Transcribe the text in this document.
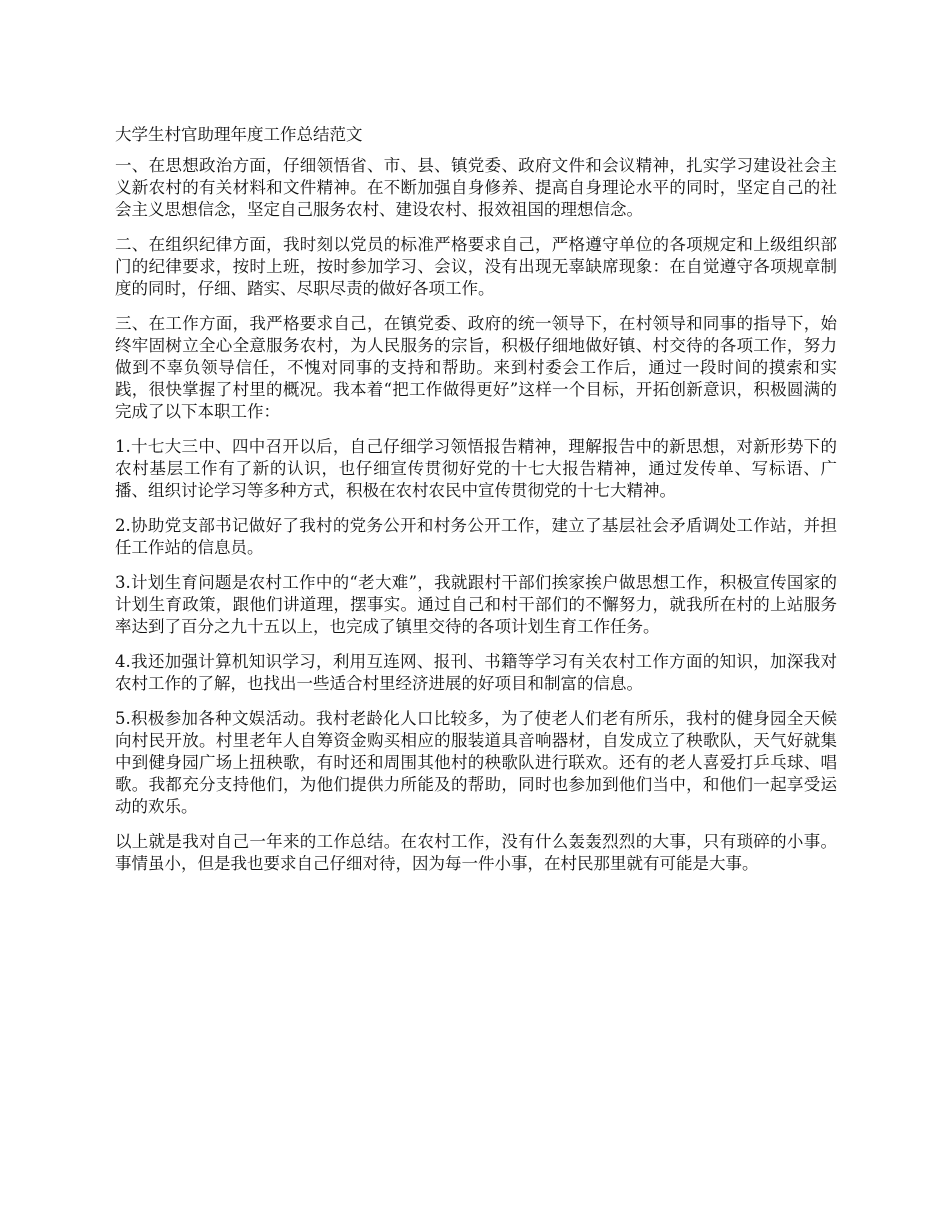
大学生村官助理年度工作总结范文

一、在思想政治方面，仔细领悟省、市、县、镇党委、政府文件和会议精神，扎实学习建设社会主义新农村的有关材料和文件精神。在不断加强自身修养、提高自身理论水平的同时，坚定自己的社会主义思想信念，坚定自己服务农村、建设农村、报效祖国的理想信念。

二、在组织纪律方面，我时刻以党员的标准严格要求自己，严格遵守单位的各项规定和上级组织部门的纪律要求，按时上班，按时参加学习、会议，没有出现无辜缺席现象：在自觉遵守各项规章制度的同时，仔细、踏实、尽职尽责的做好各项工作。

三、在工作方面，我严格要求自己，在镇党委、政府的统一领导下，在村领导和同事的指导下，始终牢固树立全心全意服务农村，为人民服务的宗旨，积极仔细地做好镇、村交待的各项工作，努力做到不辜负领导信任，不愧对同事的支持和帮助。来到村委会工作后，通过一段时间的摸索和实践，很快掌握了村里的概况。我本着“把工作做得更好”这样一个目标，开拓创新意识，积极圆满的完成了以下本职工作：

1.十七大三中、四中召开以后，自己仔细学习领悟报告精神，理解报告中的新思想，对新形势下的农村基层工作有了新的认识，也仔细宣传贯彻好党的十七大报告精神，通过发传单、写标语、广播、组织讨论学习等多种方式，积极在农村农民中宣传贯彻党的十七大精神。

2.协助党支部书记做好了我村的党务公开和村务公开工作，建立了基层社会矛盾调处工作站，并担任工作站的信息员。

3.计划生育问题是农村工作中的“老大难”，我就跟村干部们挨家挨户做思想工作，积极宣传国家的计划生育政策，跟他们讲道理，摆事实。通过自己和村干部们的不懈努力，就我所在村的上站服务率达到了百分之九十五以上，也完成了镇里交待的各项计划生育工作任务。

4.我还加强计算机知识学习，利用互连网、报刊、书籍等学习有关农村工作方面的知识，加深我对农村工作的了解，也找出一些适合村里经济进展的好项目和制富的信息。

5.积极参加各种文娱活动。我村老龄化人口比较多，为了使老人们老有所乐，我村的健身园全天候向村民开放。村里老年人自筹资金购买相应的服装道具音响器材，自发成立了秧歌队，天气好就集中到健身园广场上扭秧歌，有时还和周围其他村的秧歌队进行联欢。还有的老人喜爱打乒乓球、唱歌。我都充分支持他们，为他们提供力所能及的帮助，同时也参加到他们当中，和他们一起享受运动的欢乐。

以上就是我对自己一年来的工作总结。在农村工作，没有什么轰轰烈烈的大事，只有琐碎的小事。事情虽小，但是我也要求自己仔细对待，因为每一件小事，在村民那里就有可能是大事。
